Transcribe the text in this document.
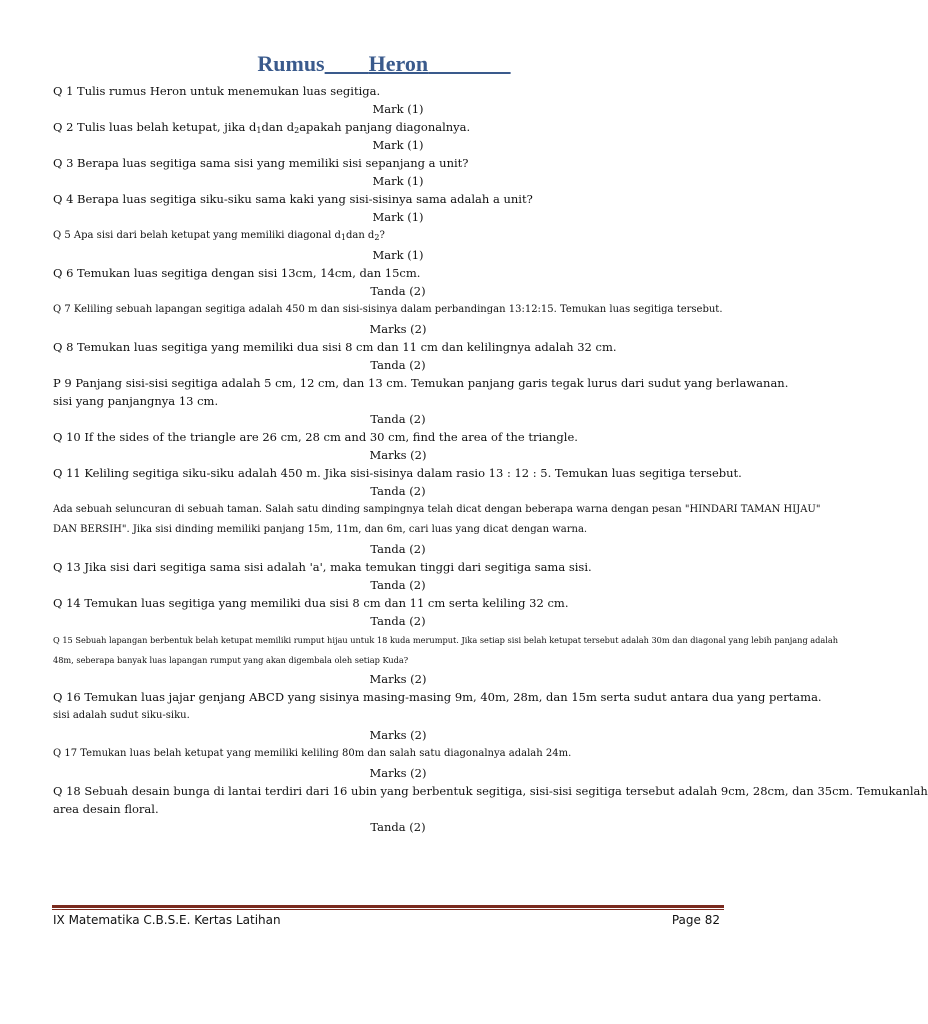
Rumus Heron

Q 1 Tulis rumus Heron untuk menemukan luas segitiga.

Mark (1)

Q 2 Tulis luas belah ketupat, jika $d_1dan$ $d_2apakah$ panjang diagonalnya.

Mark (1)

Q 3 Berapa luas segitiga sama sisi yang memiliki sisi sepanjang a unit?

Mark (1)

Q 4 Berapa luas segitiga siku-siku sama kaki yang sisi-sisinya sama adalah a unit?

Mark (1)

Q 5 Apa sisi dari belah ketupat yang memiliki diagonal $d_1dan$ $d_2$?

Mark (1)

Q 6 Temukan luas segitiga dengan sisi 13cm, 14cm, dan 15cm.

Tanda (2)

Q 7 Keliling sebuah lapangan segitiga adalah 450 m dan sisi-sisinya dalam perbandingan 13:12:15. Temukan luas segitiga tersebut.

Marks (2)

Q 8 Temukan luas segitiga yang memiliki dua sisi 8 cm dan 11 cm dan kelilingnya adalah 32 cm.

Tanda (2)

P 9 Panjang sisi-sisi segitiga adalah 5 cm, 12 cm, dan 13 cm. Temukan panjang garis tegak lurus dari sudut yang berlawanan.

sisi yang panjangnya 13 cm.

Tanda (2)

Q 10 If the sides of the triangle are 26 cm, 28 cm and 30 cm, find the area of the triangle.

Marks (2)

Q 11 Keliling segitiga siku-siku adalah 450 m. Jika sisi-sisinya dalam rasio 13 : 12 : 5. Temukan luas segitiga tersebut.

Tanda (2)

Ada sebuah seluncuran di sebuah taman. Salah satu dinding sampingnya telah dicat dengan beberapa warna dengan pesan "HINDARI TAMAN HIJAU"

DAN BERSIH". Jika sisi dinding memiliki panjang 15m, 11m, dan 6m, cari luas yang dicat dengan warna.

Tanda (2)

Q 13 Jika sisi dari segitiga sama sisi adalah 'a', maka temukan tinggi dari segitiga sama sisi.

Tanda (2)

Q 14 Temukan luas segitiga yang memiliki dua sisi 8 cm dan 11 cm serta keliling 32 cm.

Tanda (2)

Q 15 Sebuah lapangan berbentuk belah ketupat memiliki rumput hijau untuk 18 kuda merumput. Jika setiap sisi belah ketupat tersebut adalah 30m dan diagonal yang lebih panjang adalah

48m, seberapa banyak luas lapangan rumput yang akan digembala oleh setiap Kuda?

Marks (2)

Q 16 Temukan luas jajar genjang ABCD yang sisinya masing-masing 9m, 40m, 28m, dan 15m serta sudut antara dua yang pertama.

sisi adalah sudut siku-siku.

Marks (2)

Q 17 Temukan luas belah ketupat yang memiliki keliling 80m dan salah satu diagonalnya adalah 24m.

Marks (2)

Q 18 Sebuah desain bunga di lantai terdiri dari 16 ubin yang berbentuk segitiga, sisi-sisi segitiga tersebut adalah 9cm, 28cm, dan 35cm. Temukanlah

area desain floral.

Tanda (2)

IX Matematika C.B.S.E. Kertas Latihan	Page 82
